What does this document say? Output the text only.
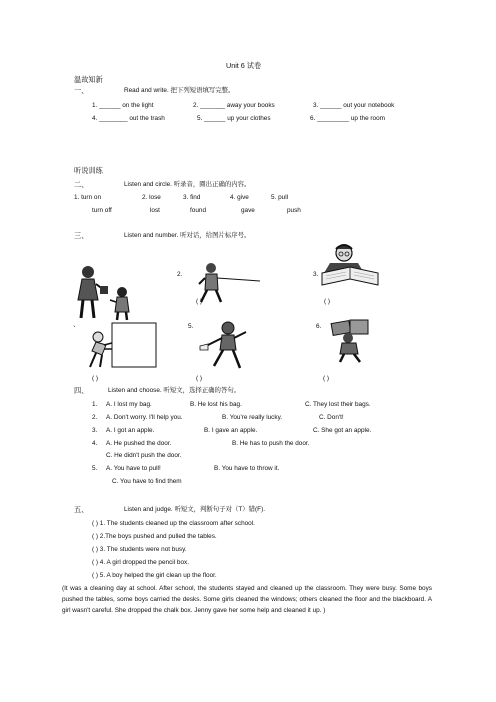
Unit 6 试卷
温故知新
一、	Read and write. 把下列短语填写完整。
1. ______ on the light	2. _______ away your books	3. ______ out your notebook
4. ________ out the trash	5. ______ up your clothes	6. _________ up the room
听说训练
二、	Listen and circle. 听录音，圈出正确的内容。
1. turn on	2. lose	3. find	4. give	5. pull
turn off	lost	found	gave	push
三、	Listen and number. 听对话，给图片标序号。
2.
( )
3.
( )
、
( )
5.
( )
6.
( )
四、	Listen and choose. 听短文，选择正确的答句。
1. A. I lost my bag.	B. He lost his bag.	C. They lost their bags.
2. A. Don't worry. I'll help you.	B. You're really lucky.	C. Don't!
3. A. I got an apple.	B. I gave an apple.	C. She got an apple.
4. A. He pushed the door.	B. He has to push the door.
C. He didn't push the door.
5. A. You have to pull!	B. You have to throw it.
C. You have to find them
五、	Listen and judge. 听短文，判断句子对（T）错(F).
( ) 1. The students cleaned up the classroom after school.
( ) 2.The boys pushed and pulled the tables.
( ) 3. The students were not busy.
( ) 4. A girl dropped the pencil box.
( ) 5. A boy helped the girl clean up the floor.
(It was a cleaning day at school. After school, the students stayed and cleaned up the classroom. They were busy. Some boys pushed the tables, some boys carried the desks. Some girls cleaned the windows; others cleaned the floor and the blackboard. A girl wasn't careful. She dropped the chalk box. Jenny gave her some help and cleaned it up. )
